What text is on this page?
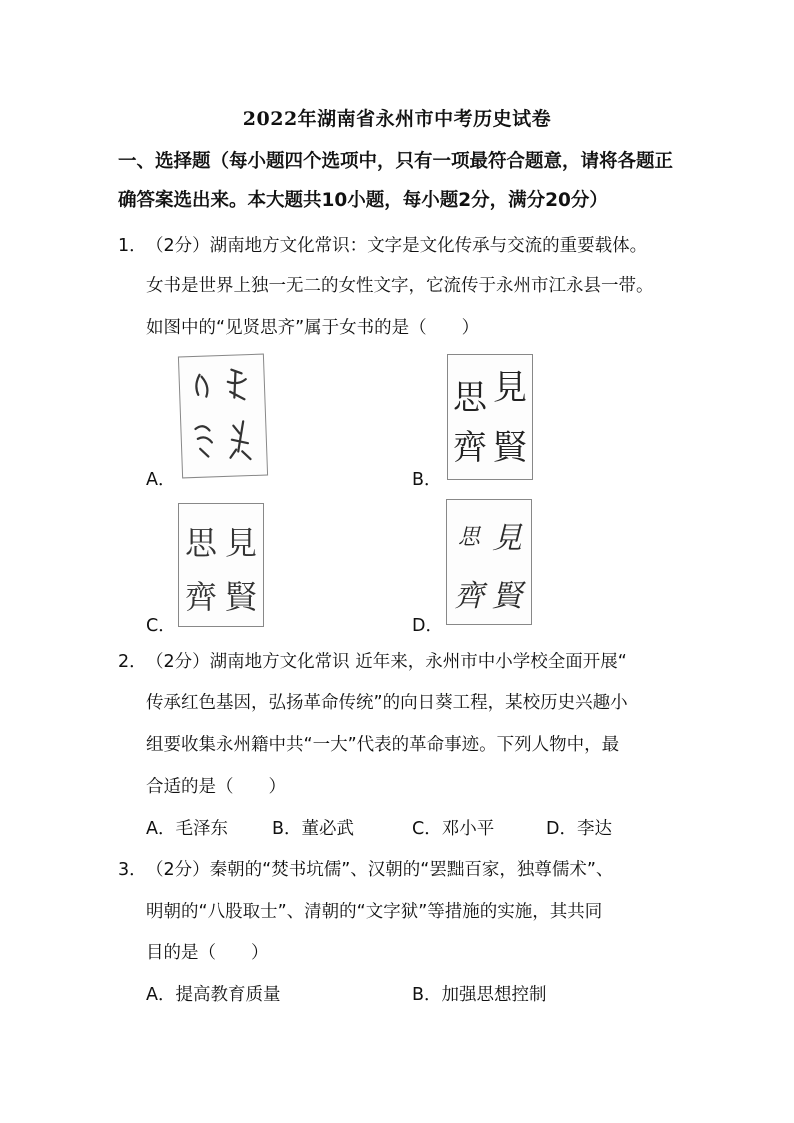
2022年湖南省永州市中考历史试卷
一、选择题（每小题四个选项中，只有一项最符合题意，请将各题正
确答案选出来。本大题共10小题，每小题2分，满分20分）
1． （2分）湖南地方文化常识：文字是文化传承与交流的重要载体。
女书是世界上独一无二的女性文字，它流传于永州市江永县一带。
如图中的“见贤思齐”属于女书的是（　　）
A．	B．
見
賢
思
齊
C．
見
賢
思
齊
D．
見
賢
思
齊
2． （2分）湖南地方文化常识 近年来，永州市中小学校全面开展“
传承红色基因，弘扬革命传统”的向日葵工程，某校历史兴趣小
组要收集永州籍中共“一大”代表的革命事迹。下列人物中，最
合适的是（　　）
A．毛泽东	B．董必武	C．邓小平	D．李达
3． （2分）秦朝的“焚书坑儒”、汉朝的“罢黜百家，独尊儒术”、
明朝的“八股取士”、清朝的“文字狱”等措施的实施，其共同
目的是（　　）
A．提高教育质量	B．加强思想控制
